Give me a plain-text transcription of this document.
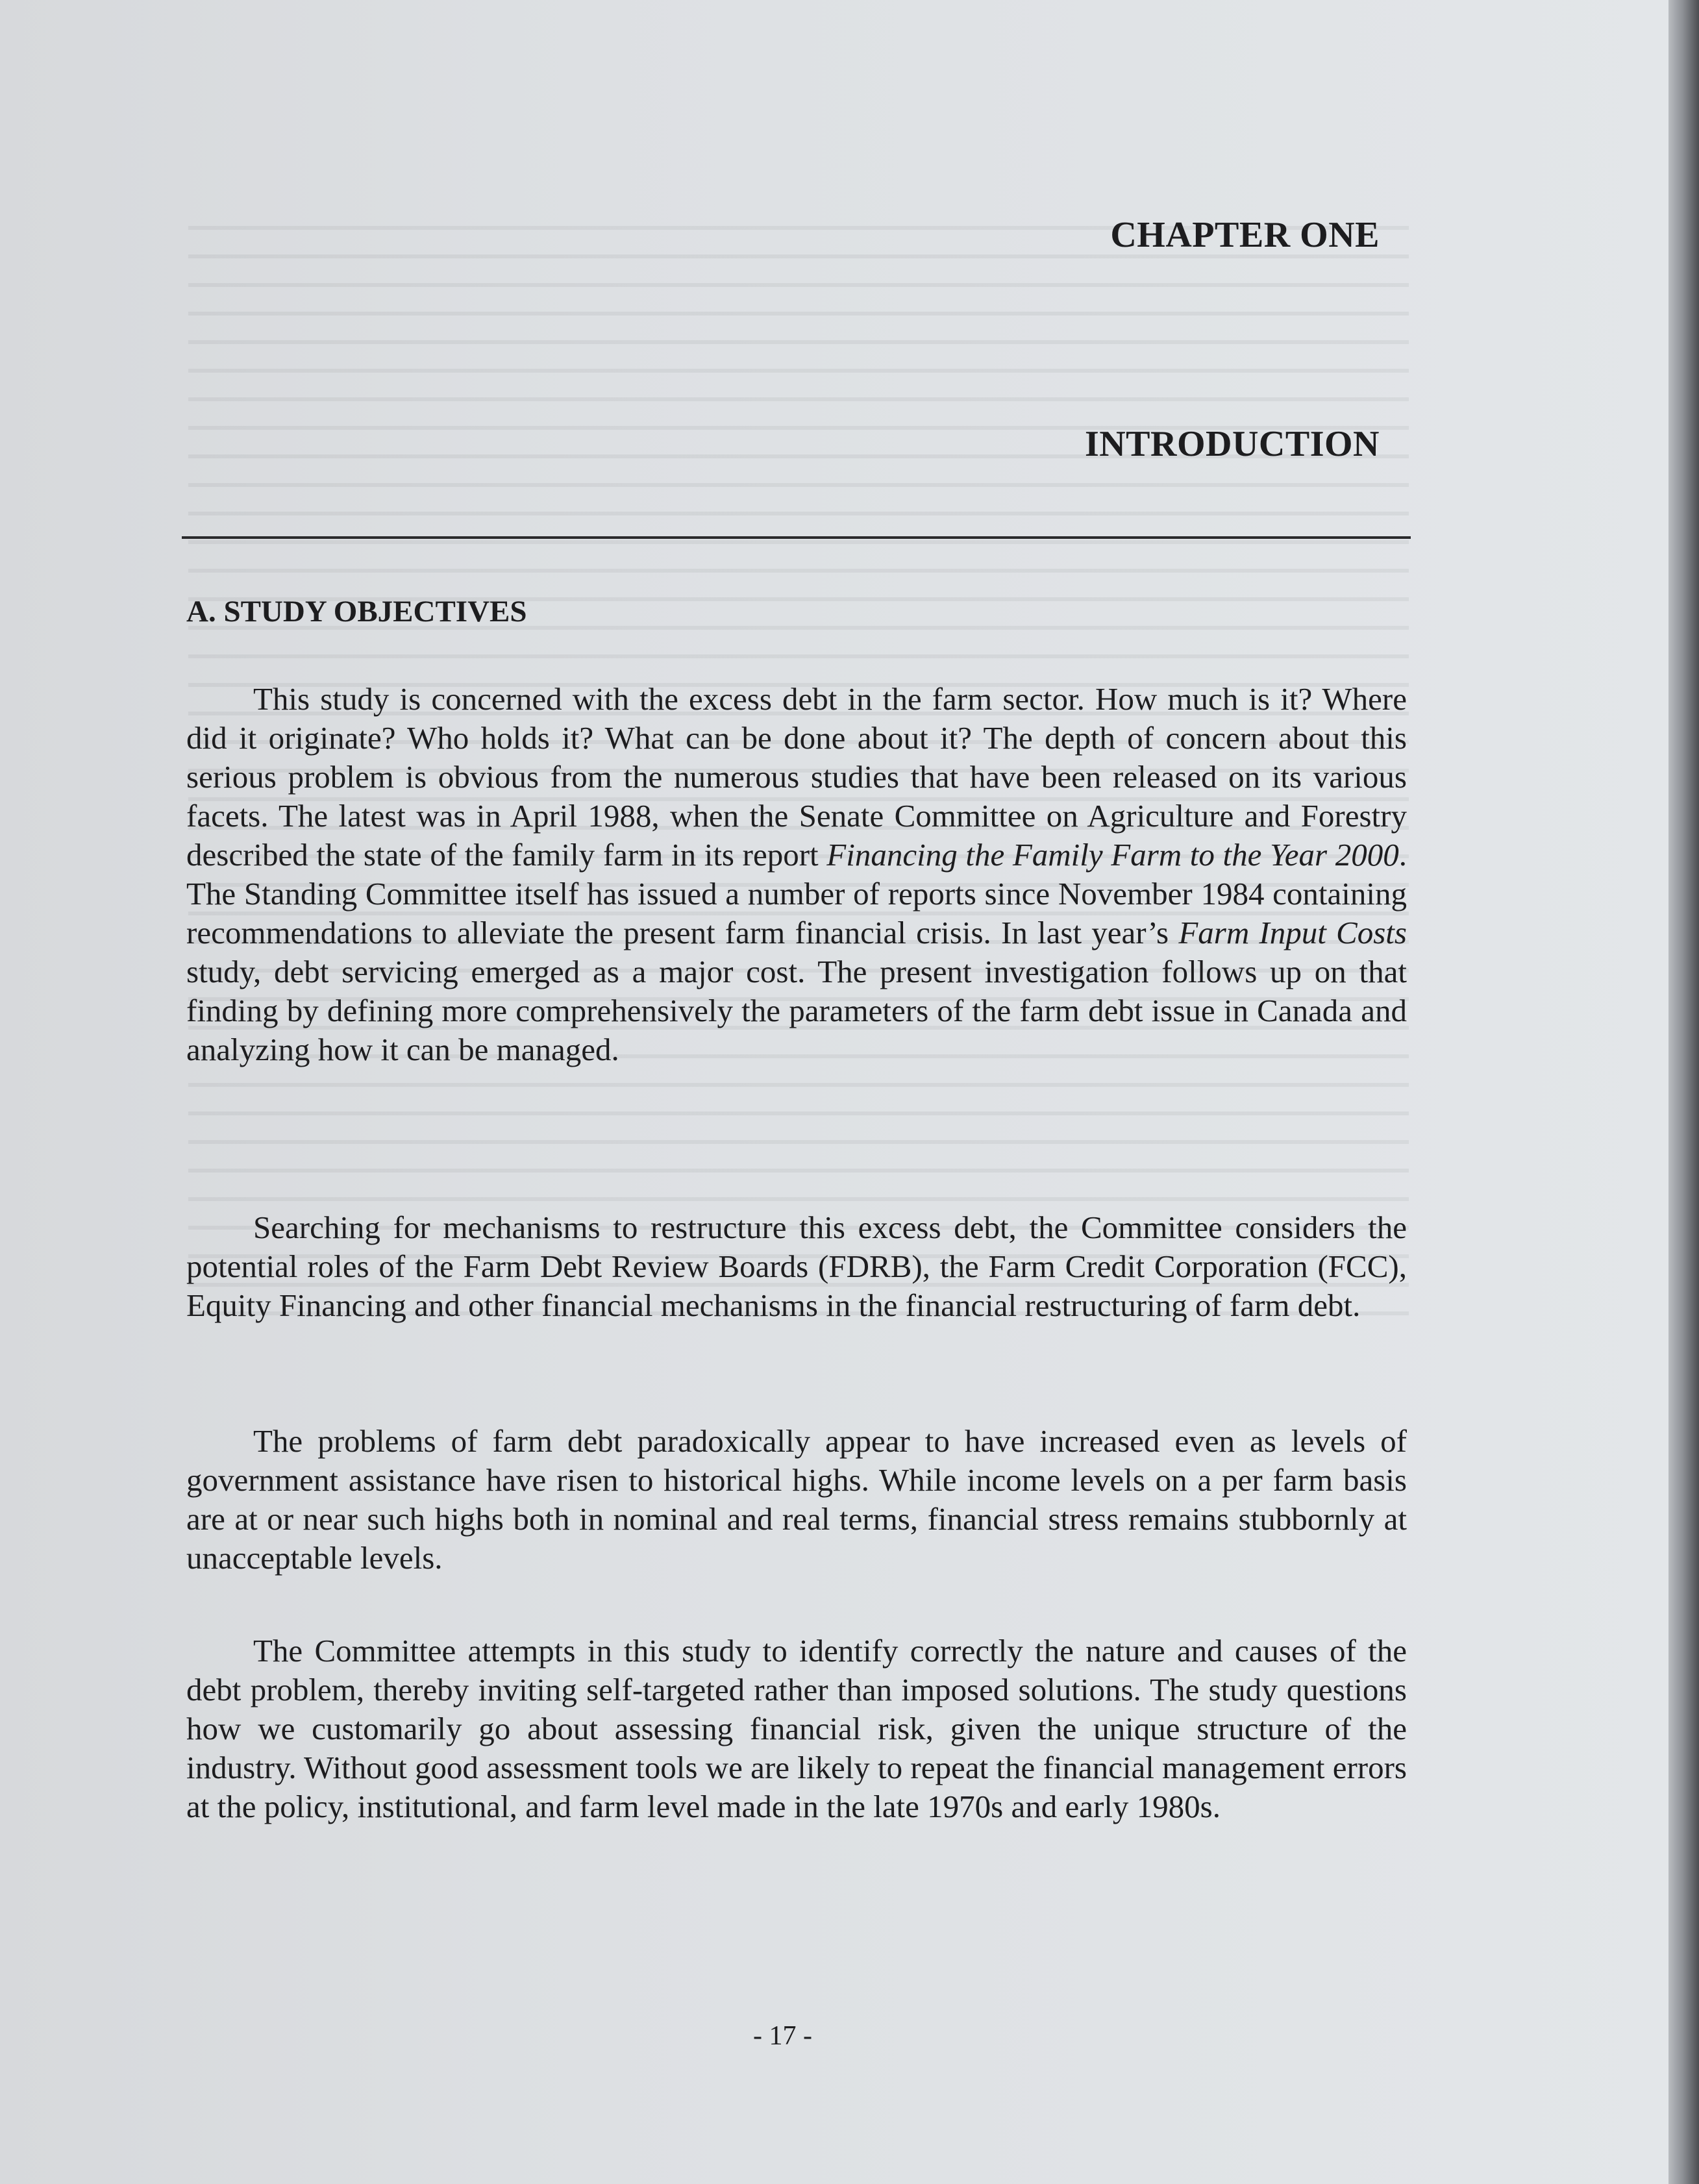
CHAPTER ONE
INTRODUCTION
A. STUDY OBJECTIVES

This study is concerned with the excess debt in the farm sector. How much is it? Where did it originate? Who holds it? What can be done about it? The depth of concern about this serious problem is obvious from the numerous studies that have been released on its various facets. The latest was in April 1988, when the Senate Committee on Agriculture and Forestry described the state of the family farm in its report Financing the Family Farm to the Year 2000. The Standing Committee itself has issued a number of reports since November 1984 containing recommendations to alleviate the present farm financial crisis. In last year’s Farm Input Costs study, debt servicing emerged as a major cost. The present investigation follows up on that finding by defining more comprehensively the parameters of the farm debt issue in Canada and analyzing how it can be managed.

Searching for mechanisms to restructure this excess debt, the Committee considers the potential roles of the Farm Debt Review Boards (FDRB), the Farm Credit Corporation (FCC), Equity Financing and other financial mechanisms in the financial restructuring of farm debt.

The problems of farm debt paradoxically appear to have increased even as levels of government assistance have risen to historical highs. While income levels on a per farm basis are at or near such highs both in nominal and real terms, financial stress remains stubbornly at unacceptable levels.

The Committee attempts in this study to identify correctly the nature and causes of the debt problem, thereby inviting self-targeted rather than imposed solutions. The study questions how we customarily go about assessing financial risk, given the unique structure of the industry. Without good assessment tools we are likely to repeat the financial management errors at the policy, institutional, and farm level made in the late 1970s and early 1980s.

- 17 -
